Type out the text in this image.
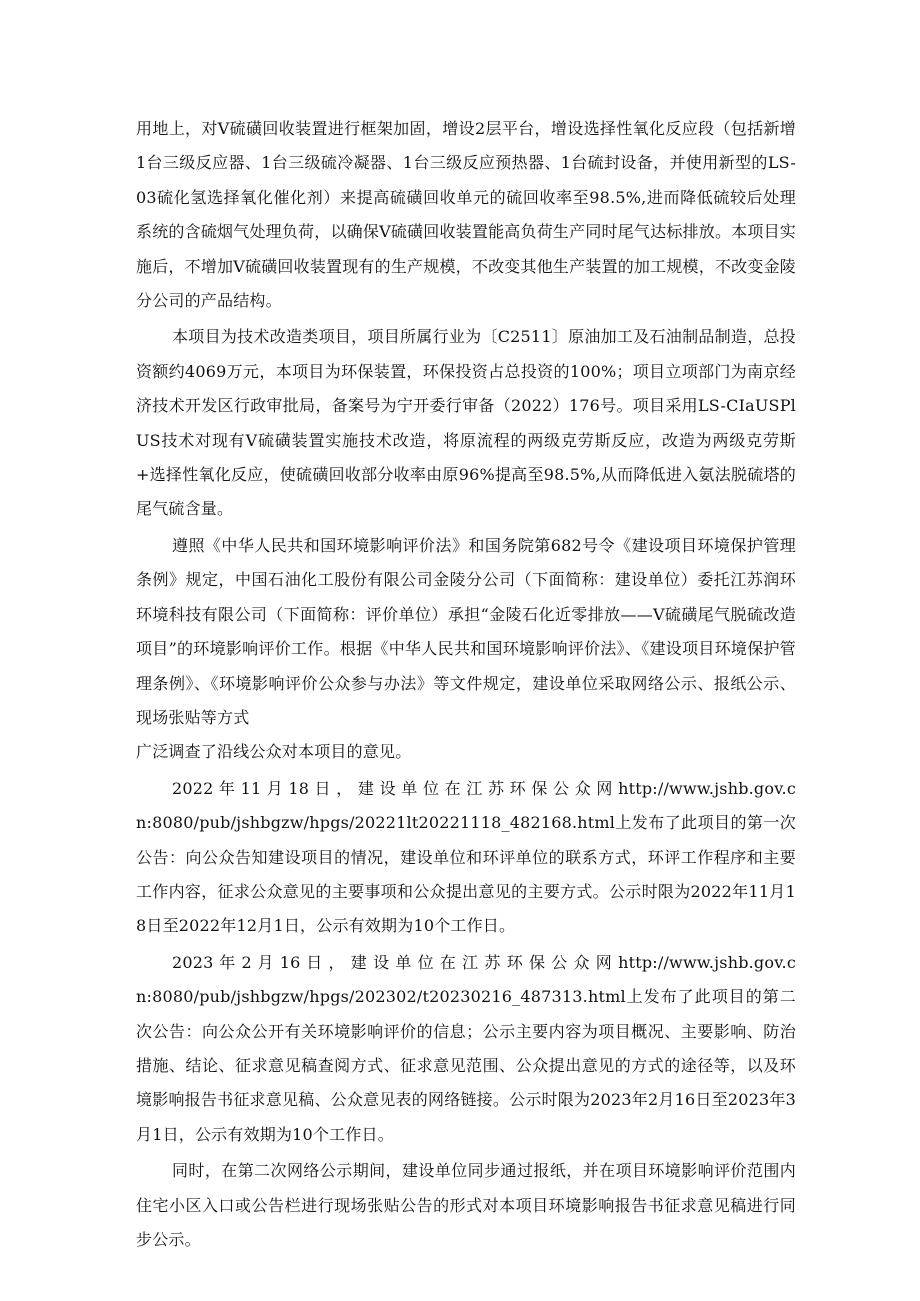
用地上，对V硫磺回收装置进行框架加固，增设2层平台，增设选择性氧化反应段（包括新增1台三级反应器、1台三级硫冷凝器、1台三级反应预热器、1台硫封设备，并使用新型的LS-03硫化氢选择氧化催化剂）来提高硫磺回收单元的硫回收率至98.5%,进而降低硫较后处理系统的含硫烟气处理负荷，以确保V硫磺回收装置能高负荷生产同时尾气达标排放。本项目实施后，不增加V硫磺回收装置现有的生产规模，不改变其他生产装置的加工规模，不改变金陵分公司的产品结构。

本项目为技术改造类项目，项目所属行业为〔C2511〕原油加工及石油制品制造，总投资额约4069万元，本项目为环保装置，环保投资占总投资的100%；项目立项部门为南京经济技术开发区行政审批局，备案号为宁开委行审备（2022）176号。项目采用LS-CIaUSPlUS技术对现有V硫磺装置实施技术改造，将原流程的两级克劳斯反应，改造为两级克劳斯+选择性氧化反应，使硫磺回收部分收率由原96%提高至98.5%,从而降低进入氨法脱硫塔的尾气硫含量。

遵照《中华人民共和国环境影响评价法》和国务院第682号令《建设项目环境保护管理条例》规定，中国石油化工股份有限公司金陵分公司（下面简称：建设单位）委托江苏润环环境科技有限公司（下面简称：评价单位）承担“金陵石化近零排放——V硫磺尾气脱硫改造项目”的环境影响评价工作。根据《中华人民共和国环境影响评价法》、《建设项目环境保护管理条例》、《环境影响评价公众参与办法》等文件规定，建设单位采取网络公示、报纸公示、现场张贴等方式

广泛调查了沿线公众对本项目的意见。

2022 年 11 月 18 日 ， 建 设 单 位 在 江 苏 环 保 公 众 网 http://www.jshb.gov.cn:8080/pub/jshbgzw/hpgs/20221lt20221118_482168.html上发布了此项目的第一次公告：向公众告知建设项目的情况，建设单位和环评单位的联系方式，环评工作程序和主要工作内容，征求公众意见的主要事项和公众提出意见的主要方式。公示时限为2022年11月18日至2022年12月1日，公示有效期为10个工作日。

2023 年 2 月 16 日 ， 建 设 单 位 在 江 苏 环 保 公 众 网 http://www.jshb.gov.cn:8080/pub/jshbgzw/hpgs/202302/t20230216_487313.html上发布了此项目的第二次公告：向公众公开有关环境影响评价的信息；公示主要内容为项目概况、主要影响、防治措施、结论、征求意见稿查阅方式、征求意见范围、公众提出意见的方式的途径等，以及环境影响报告书征求意见稿、公众意见表的网络链接。公示时限为2023年2月16日至2023年3月1日，公示有效期为10个工作日。

同时，在第二次网络公示期间，建设单位同步通过报纸，并在项目环境影响评价范围内住宅小区入口或公告栏进行现场张贴公告的形式对本项目环境影响报告书征求意见稿进行同步公示。
